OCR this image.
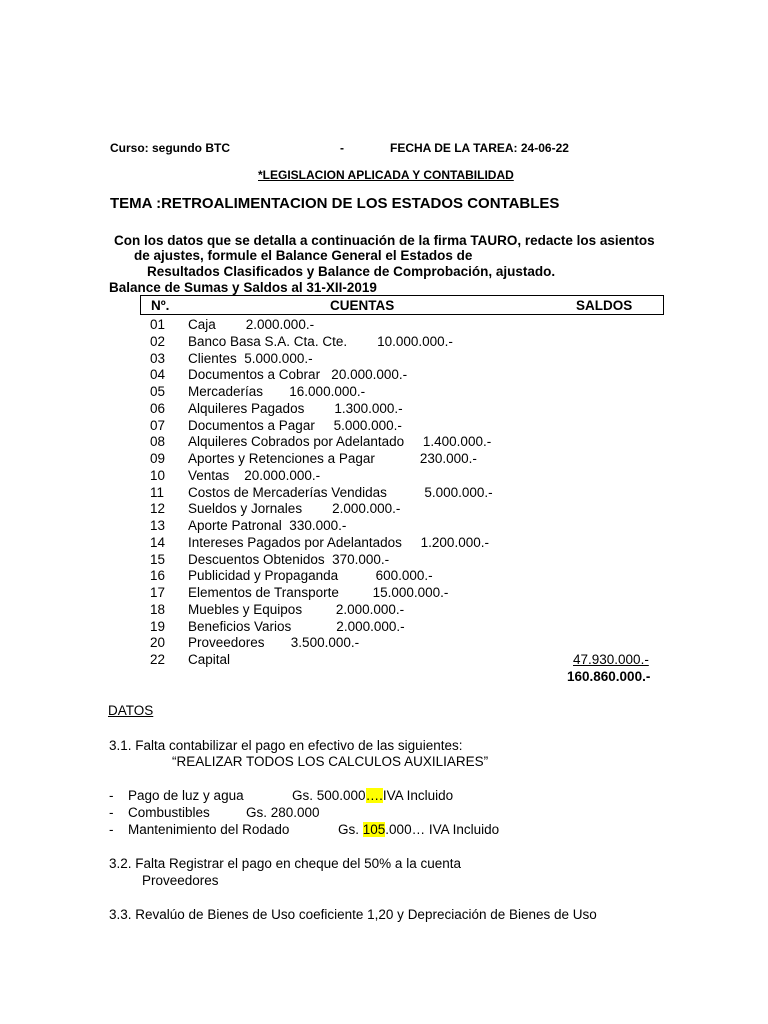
Curso: segundo BTC	-	FECHA DE LA TAREA: 24-06-22
*LEGISLACION APLICADA Y CONTABILIDAD
TEMA :RETROALIMENTACION DE LOS ESTADOS CONTABLES
Con los datos que se detalla a continuación de la firma TAURO, redacte los asientos
de ajustes, formule el Balance General el Estados de
Resultados Clasificados y Balance de Comprobación, ajustado.
Balance de Sumas y Saldos al 31-XII-2019
Nº.	CUENTAS	SALDOS
01 Caja        2.000.000.-
02 Banco Basa S.A. Cta. Cte.        10.000.000.-
03 Clientes  5.000.000.-
04 Documentos a Cobrar   20.000.000.-
05 Mercaderías       16.000.000.-
06 Alquileres Pagados        1.300.000.-
07 Documentos a Pagar     5.000.000.-
08 Alquileres Cobrados por Adelantado     1.400.000.-
09 Aportes y Retenciones a Pagar            230.000.-
10 Ventas    20.000.000.-
11 Costos de Mercaderías Vendidas          5.000.000.-
12 Sueldos y Jornales        2.000.000.-
13 Aporte Patronal  330.000.-
14 Intereses Pagados por Adelantados     1.200.000.-
15 Descuentos Obtenidos  370.000.-
16 Publicidad y Propaganda          600.000.-
17 Elementos de Transporte         15.000.000.-
18 Muebles y Equipos         2.000.000.-
19 Beneficios Varios            2.000.000.-
20 Proveedores       3.500.000.-
22 Capital	47.930.000.-
160.860.000.-
DATOS
3.1. Falta contabilizar el pago en efectivo de las siguientes:
“REALIZAR TODOS LOS CALCULOS AUXILIARES”
- Pago de luz y agua	Gs. 500.000….IVA Incluido
- Combustibles	Gs. 280.000
- Mantenimiento del Rodado	Gs. 105.000… IVA Incluido
3.2. Falta Registrar el pago en cheque del 50% a la cuenta
Proveedores
3.3. Revalúo de Bienes de Uso coeficiente 1,20 y Depreciación de Bienes de Uso
